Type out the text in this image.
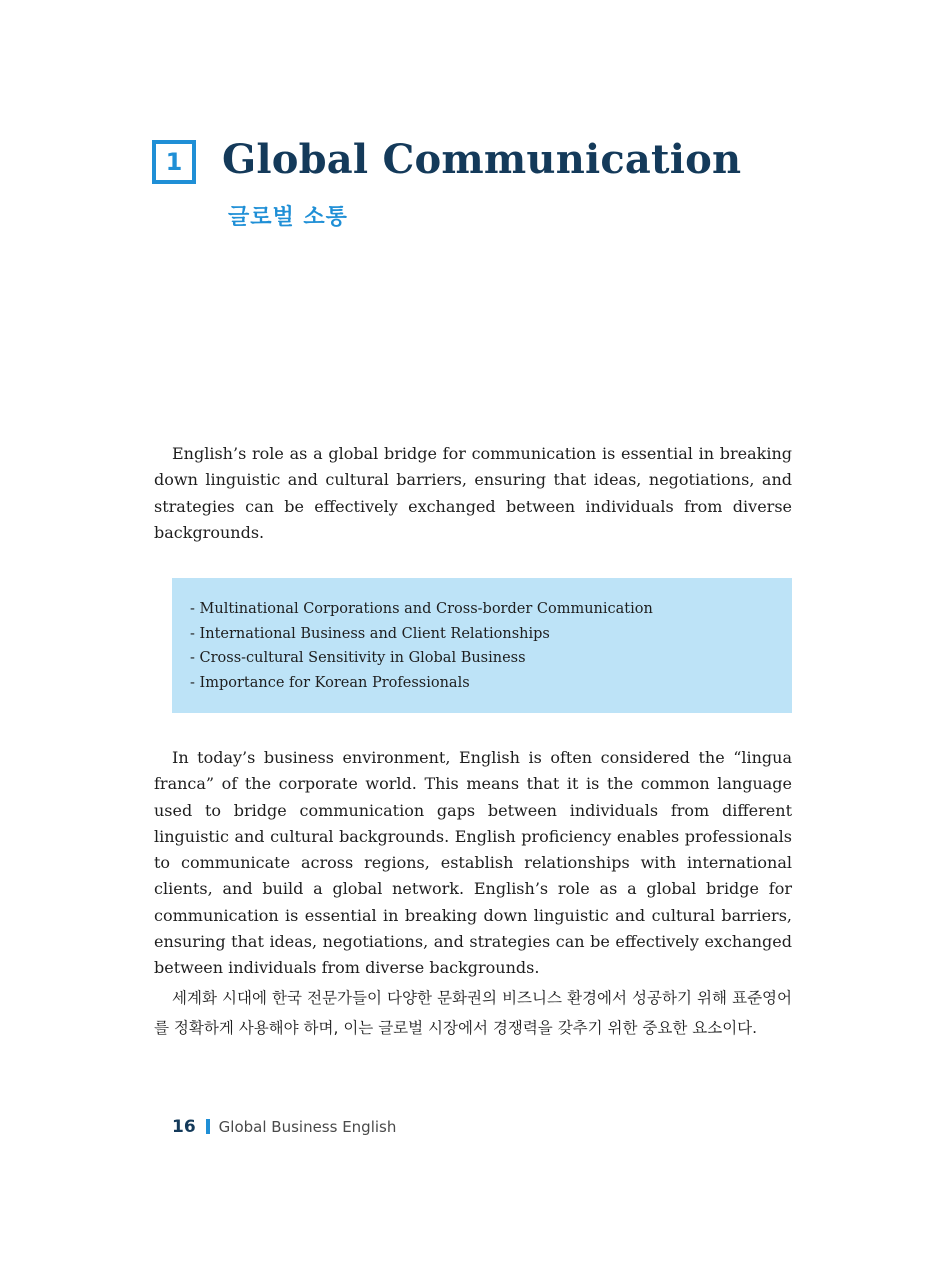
1 Global Communication
글로벌 소통

English’s role as a global bridge for communication is essential in breaking down linguistic and cultural barriers, ensuring that ideas, negotiations, and strategies can be effectively exchanged between individuals from diverse backgrounds.

- Multinational Corporations and Cross-border Communication
- International Business and Client Relationships
- Cross-cultural Sensitivity in Global Business
- Importance for Korean Professionals

In today’s business environment, English is often considered the “lingua franca” of the corporate world. This means that it is the common language used to bridge communication gaps between individuals from different linguistic and cultural backgrounds. English proficiency enables professionals to communicate across regions, establish relationships with international clients, and build a global network. English’s role as a global bridge for communication is essential in breaking down linguistic and cultural barriers, ensuring that ideas, negotiations, and strategies can be effectively exchanged between individuals from diverse backgrounds.

세계화 시대에 한국 전문가들이 다양한 문화권의 비즈니스 환경에서 성공하기 위해 표준영어를 정확하게 사용해야 하며, 이는 글로벌 시장에서 경쟁력을 갖추기 위한 중요한 요소이다.

16 Global Business English
